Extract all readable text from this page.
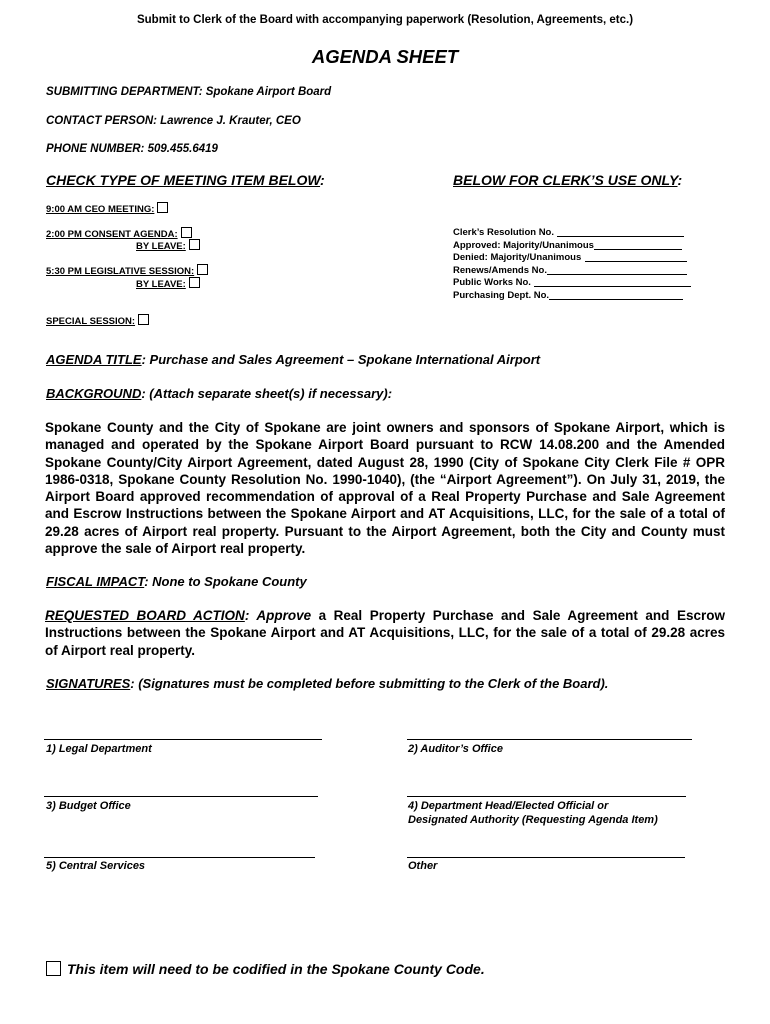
Submit to Clerk of the Board with accompanying paperwork (Resolution, Agreements, etc.)
AGENDA SHEET
SUBMITTING DEPARTMENT: Spokane Airport Board
CONTACT PERSON: Lawrence J. Krauter, CEO
PHONE NUMBER: 509.455.6419
CHECK TYPE OF MEETING ITEM BELOW:	BELOW FOR CLERK’S USE ONLY:
9:00 AM CEO MEETING:
2:00 PM CONSENT AGENDA:
BY LEAVE:
5:30 PM LEGISLATIVE SESSION:
BY LEAVE:
SPECIAL SESSION:
Clerk’s Resolution No.
Approved: Majority/Unanimous
Denied: Majority/Unanimous
Renews/Amends No.
Public Works No.
Purchasing Dept. No.
AGENDA TITLE: Purchase and Sales Agreement – Spokane International Airport
BACKGROUND: (Attach separate sheet(s) if necessary):
Spokane County and the City of Spokane are joint owners and sponsors of Spokane Airport, which is managed and operated by the Spokane Airport Board pursuant to RCW 14.08.200 and the Amended Spokane County/City Airport Agreement, dated August 28, 1990 (City of Spokane City Clerk File # OPR 1986-0318, Spokane County Resolution No. 1990-1040), (the “Airport Agreement”). On July 31, 2019, the Airport Board approved recommendation of approval of a Real Property Purchase and Sale Agreement and Escrow Instructions between the Spokane Airport and AT Acquisitions, LLC, for the sale of a total of 29.28 acres of Airport real property. Pursuant to the Airport Agreement, both the City and County must approve the sale of Airport real property.
FISCAL IMPACT: None to Spokane County
REQUESTED BOARD ACTION: Approve a Real Property Purchase and Sale Agreement and Escrow Instructions between the Spokane Airport and AT Acquisitions, LLC, for the sale of a total of 29.28 acres of Airport real property.
SIGNATURES: (Signatures must be completed before submitting to the Clerk of the Board).
1) Legal Department	2) Auditor’s Office
3) Budget Office	4) Department Head/Elected Official or
Designated Authority (Requesting Agenda Item)
5) Central Services	Other
This item will need to be codified in the Spokane County Code.
